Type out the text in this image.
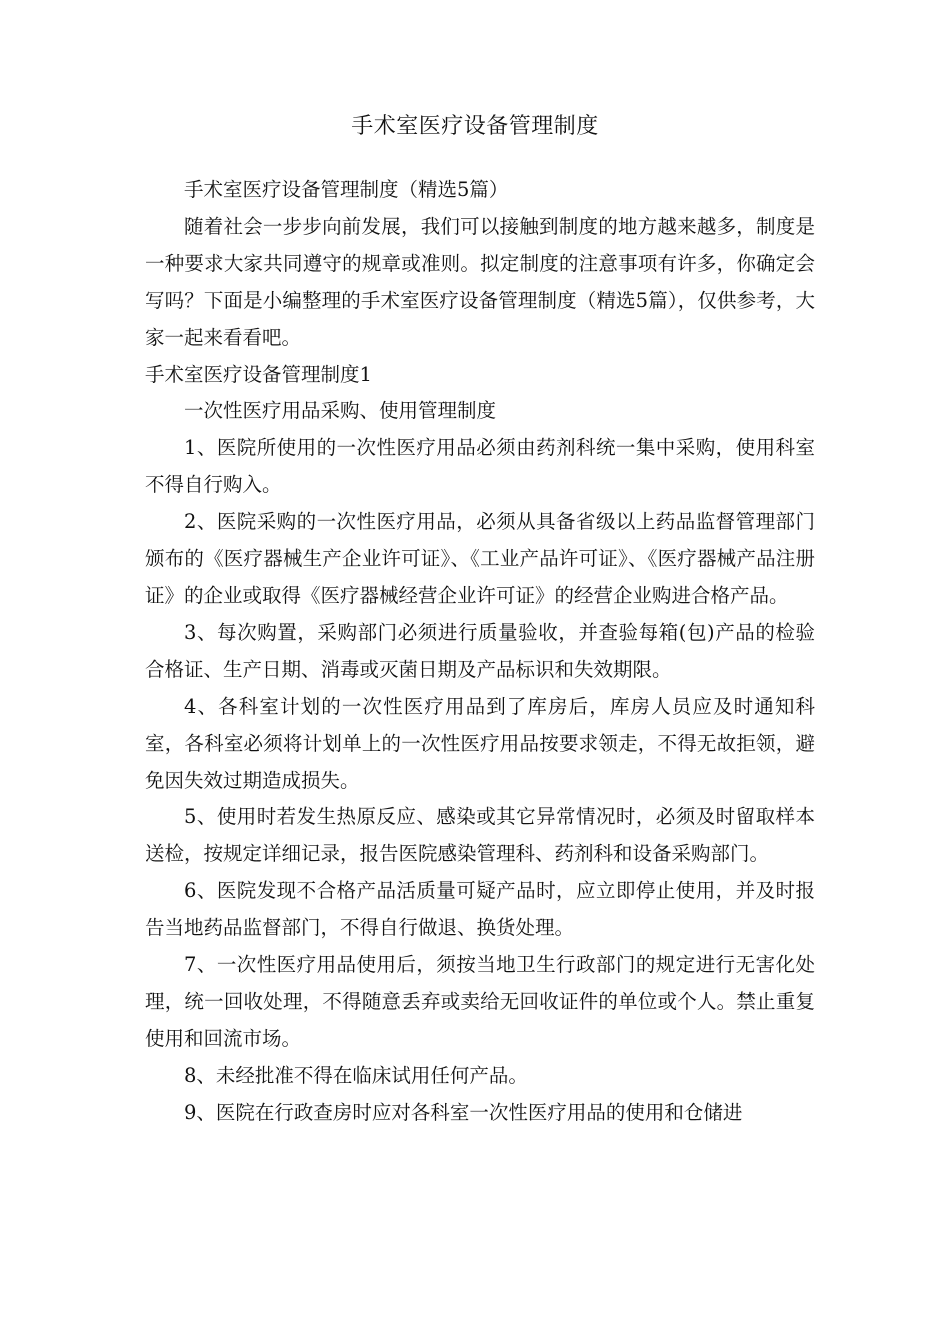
手术室医疗设备管理制度

手术室医疗设备管理制度（精选5篇）

随着社会一步步向前发展，我们可以接触到制度的地方越来越多，制度是一种要求大家共同遵守的规章或准则。拟定制度的注意事项有许多，你确定会写吗？下面是小编整理的手术室医疗设备管理制度（精选5篇），仅供参考，大家一起来看看吧。

手术室医疗设备管理制度1

一次性医疗用品采购、使用管理制度

1、医院所使用的一次性医疗用品必须由药剂科统一集中采购，使用科室不得自行购入。

2、医院采购的一次性医疗用品，必须从具备省级以上药品监督管理部门颁布的《医疗器械生产企业许可证》、《工业产品许可证》、《医疗器械产品注册证》的企业或取得《医疗器械经营企业许可证》的经营企业购进合格产品。

3、每次购置，采购部门必须进行质量验收，并查验每箱(包)产品的检验合格证、生产日期、消毒或灭菌日期及产品标识和失效期限。

4、各科室计划的一次性医疗用品到了库房后，库房人员应及时通知科室，各科室必须将计划单上的一次性医疗用品按要求领走，不得无故拒领，避免因失效过期造成损失。

5、使用时若发生热原反应、感染或其它异常情况时，必须及时留取样本送检，按规定详细记录，报告医院感染管理科、药剂科和设备采购部门。

6、医院发现不合格产品活质量可疑产品时，应立即停止使用，并及时报告当地药品监督部门，不得自行做退、换货处理。

7、一次性医疗用品使用后，须按当地卫生行政部门的规定进行无害化处理，统一回收处理，不得随意丢弃或卖给无回收证件的单位或个人。禁止重复使用和回流市场。

8、未经批准不得在临床试用任何产品。

9、医院在行政查房时应对各科室一次性医疗用品的使用和仓储进
